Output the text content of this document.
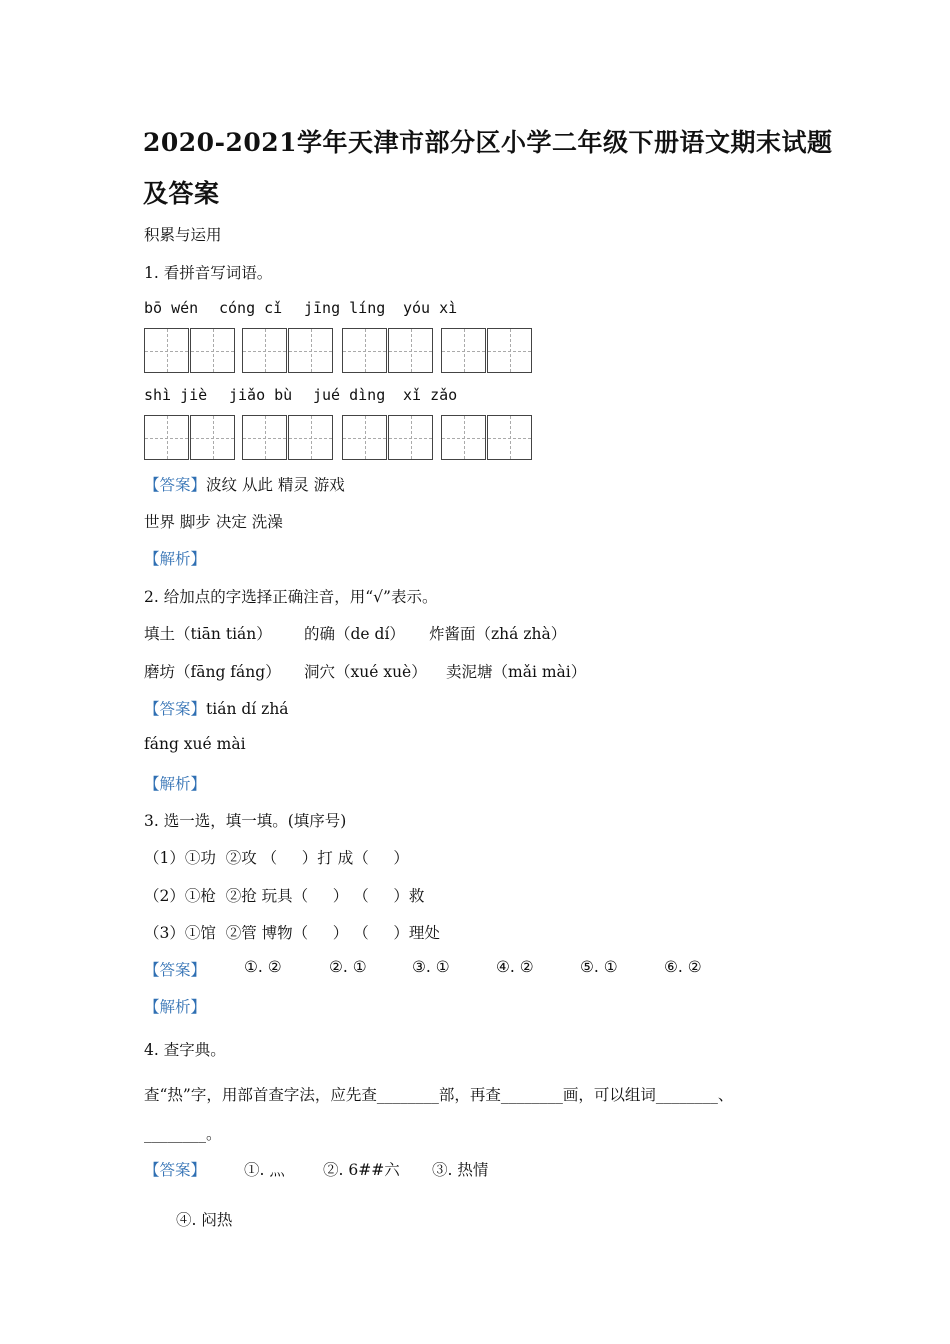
2020-2021学年天津市部分区小学二年级下册语文期末试题
及答案
积累与运用
1. 看拼音写词语。
bō wén cóng cǐ jīng líng yóu xì
shì jiè jiǎo bù jué dìng xǐ zǎo
【答案】波纹 从此 精灵 游戏
世界 脚步 决定 洗澡
【解析】
2. 给加点的字选择正确注音，用“√”表示。
填土（tiān tián） 的确（de dí） 炸酱面（zhá zhà）
磨坊（fāng fáng） 洞穴（xué xuè） 卖泥塘（mǎi mài）
【答案】tián dí zhá
fáng xué mài
【解析】
3. 选一选，填一填。(填序号)
（1）①功  ②攻 （     ）打 成（     ）
（2）①枪  ②抢 玩具（     ） （     ）救
（3）①馆  ②管 博物（     ） （     ）理处
【答案】 ①. ②	②. ①	③. ①	④. ②	⑤. ①	⑥. ②
【解析】
4. 查字典。
查“热”字，用部首查字法，应先查________部，再查________画，可以组词________、
________。
【答案】 ①. 灬 ②. 6##六 ③. 热情
④. 闷热
